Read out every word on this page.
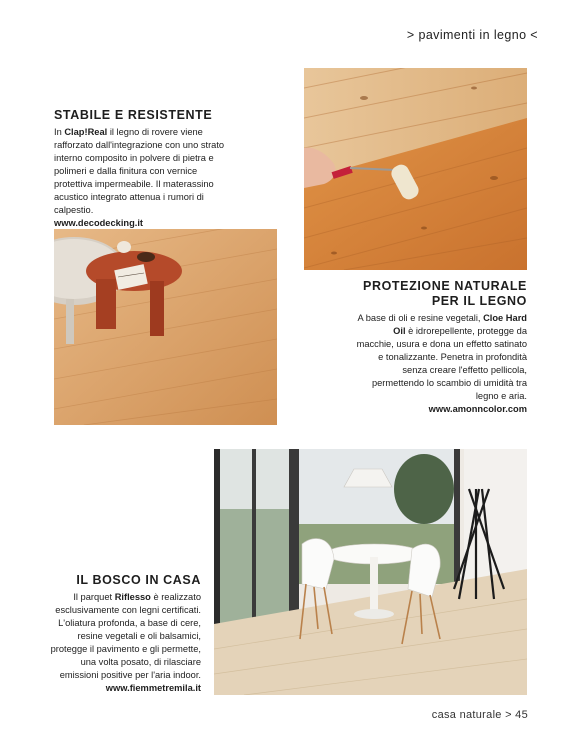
> pavimenti in legno <
STABILE E RESISTENTE

In Clap!Real il legno di rovere viene rafforzato dall'integrazione con uno strato interno composito in polvere di pietra e polimeri e dalla finitura con vernice protettiva impermeabile. Il materassino acustico integrato attenua i rumori di calpestio.

www.decodecking.it
PROTEZIONE NATURALE
PER IL LEGNO

A base di oli e resine vegetali, Cloe Hard Oil è idrorepellente, protegge da macchie, usura e dona un effetto satinato e tonalizzante. Penetra in profondità senza creare l'effetto pellicola, permettendo lo scambio di umidità tra legno e aria.

www.amonncolor.com
IL BOSCO IN CASA

Il parquet Riflesso è realizzato esclusivamente con legni certificati. L'oliatura profonda, a base di cere, resine vegetali e oli balsamici, protegge il pavimento e gli permette, una volta posato, di rilasciare emissioni positive per l'aria indoor.

www.fiemmetremila.it
casa naturale > 45
